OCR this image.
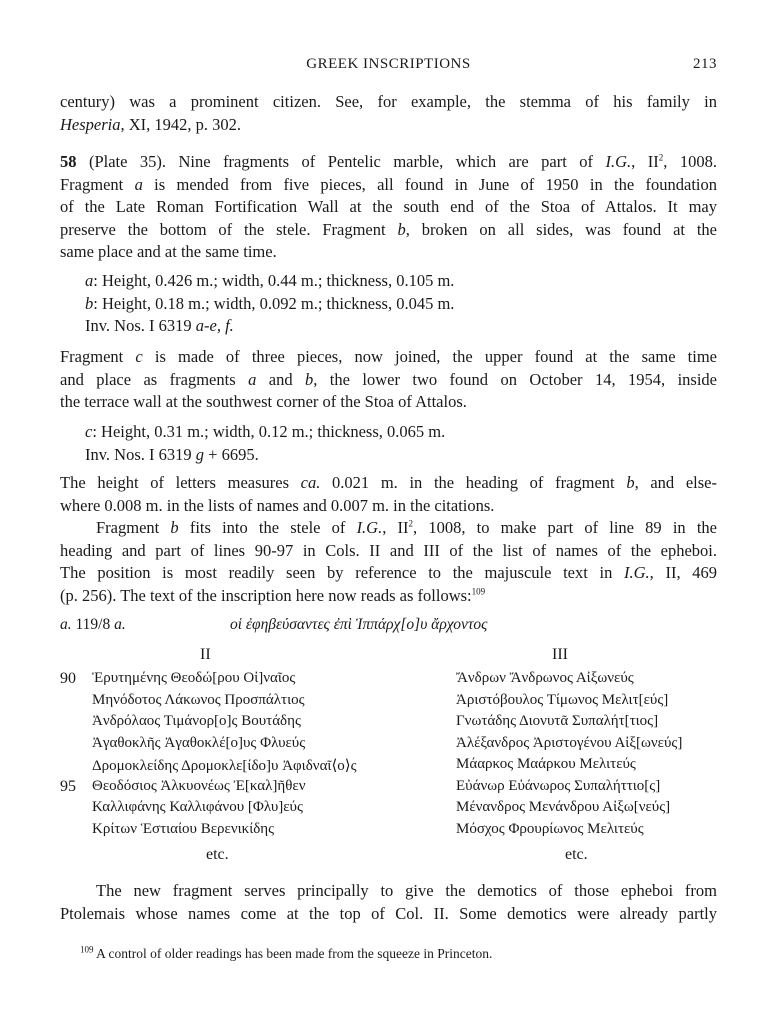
GREEK INSCRIPTIONS	213
century) was a prominent citizen. See, for example, the stemma of his family in
Hesperia, XI, 1942, p. 302.
58 (Plate 35). Nine fragments of Pentelic marble, which are part of I.G., $II^2$, 1008.
Fragment a is mended from five pieces, all found in June of 1950 in the foundation
of the Late Roman Fortification Wall at the south end of the Stoa of Attalos. It may
preserve the bottom of the stele. Fragment b, broken on all sides, was found at the
same place and at the same time.
a: Height, 0.426 m.; width, 0.44 m.; thickness, 0.105 m.
b: Height, 0.18 m.; width, 0.092 m.; thickness, 0.045 m.
Inv. Nos. I 6319 a-e, f.
Fragment c is made of three pieces, now joined, the upper found at the same time
and place as fragments a and b, the lower two found on October 14, 1954, inside
the terrace wall at the southwest corner of the Stoa of Attalos.
c: Height, 0.31 m.; width, 0.12 m.; thickness, 0.065 m.
Inv. Nos. I 6319 g + 6695.
The height of letters measures ca. 0.021 m. in the heading of fragment b, and else-
where 0.008 m. in the lists of names and 0.007 m. in the citations.
Fragment b fits into the stele of I.G., $II^2$, 1008, to make part of line 89 in the
heading and part of lines 90-97 in Cols. II and III of the list of names of the epheboi.
The position is most readily seen by reference to the majuscule text in I.G., II, 469
(p. 256). The text of the inscription here now reads as follows:$^{109}$
a. 119/8 a.	οἱ ἐφηβεύσαντες ἐπὶ Ἱππάρχ[ο]υ ἄρχοντος
II	III
90	Ἐρυτημένης Θεοδώ[ρου Οἰ]ναῖος	Ἄνδρων Ἄνδρωνος Αἰξωνεύς
Μηνόδοτος Λάκωνος Προσπάλτιος	Ἀριστόβουλος Τίμωνος Μελιτ[εύς]
Ἀνδρόλαος Τιμάνορ[ο]ς Βουτάδης	Γνωτάδης Διονυτᾶ Συπαλήτ[τιος]
Ἀγαθοκλῆς Ἀγαθοκλέ[ο]υς Φλυεύς	Ἀλέξανδρος Ἀριστογένου Αἰξ[ωνεύς]
Δρομοκλείδης Δρομοκλε[ίδο]υ Ἀφιδναῖ⟨ο⟩ς	Μάαρκος Μαάρκου Μελιτεύς
95	Θεοδόσιος Ἁλκυονέως Ἐ[καλ]ῆθεν	Εὐάνωρ Εὐάνωρος Συπαλήττιο[ς]
Καλλιφάνης Καλλιφάνου [Φλυ]εύς	Μένανδρος Μενάνδρου Αἰξω[νεύς]
Κρίτων Ἑστιαίου Βερενικίδης	Μόσχος Φρουρίωνος Μελιτεύς
etc.	etc.
The new fragment serves principally to give the demotics of those epheboi from
Ptolemais whose names come at the top of Col. II. Some demotics were already partly
$^{109}$ A control of older readings has been made from the squeeze in Princeton.
